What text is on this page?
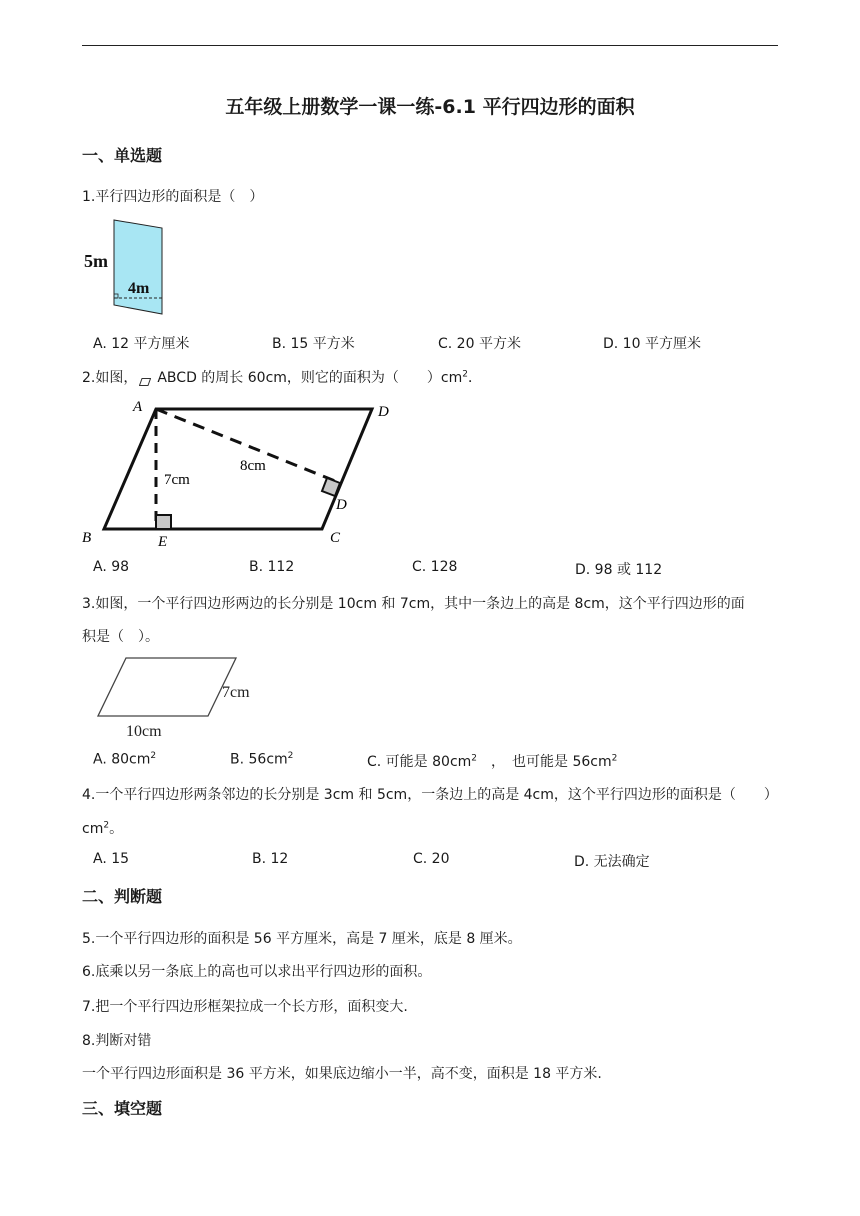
五年级上册数学一课一练-6.1 平行四边形的面积
一、单选题
1.平行四边形的面积是（　）
5m
4m
A. 12 平方厘米	B. 15 平方米	C. 20 平方米	D. 10 平方厘米
2.如图， ABCD 的周长 60cm，则它的面积为（　　）$cm^2$．
A	D
B	E	C
D
7cm
8cm
A. 98	B. 112	C. 128	D. 98 或 112
3.如图，一个平行四边形两边的长分别是 10cm 和 7cm，其中一条边上的高是 8cm，这个平行四边形的面
积是（　）。
7cm
10cm
A. $80cm^2$	B. $56cm^2$	C. 可能是 $80cm^2$　，　也可能是 $56cm^2$
4.一个平行四边形两条邻边的长分别是 3cm 和 5cm，一条边上的高是 4cm，这个平行四边形的面积是（　　）
$cm^2$。
A. 15	B. 12	C. 20	D. 无法确定
二、判断题
5.一个平行四边形的面积是 56 平方厘米，高是 7 厘米，底是 8 厘米。
6.底乘以另一条底上的高也可以求出平行四边形的面积。
7.把一个平行四边形框架拉成一个长方形，面积变大.
8.判断对错
一个平行四边形面积是 36 平方米，如果底边缩小一半，高不变，面积是 18 平方米.
三、填空题
